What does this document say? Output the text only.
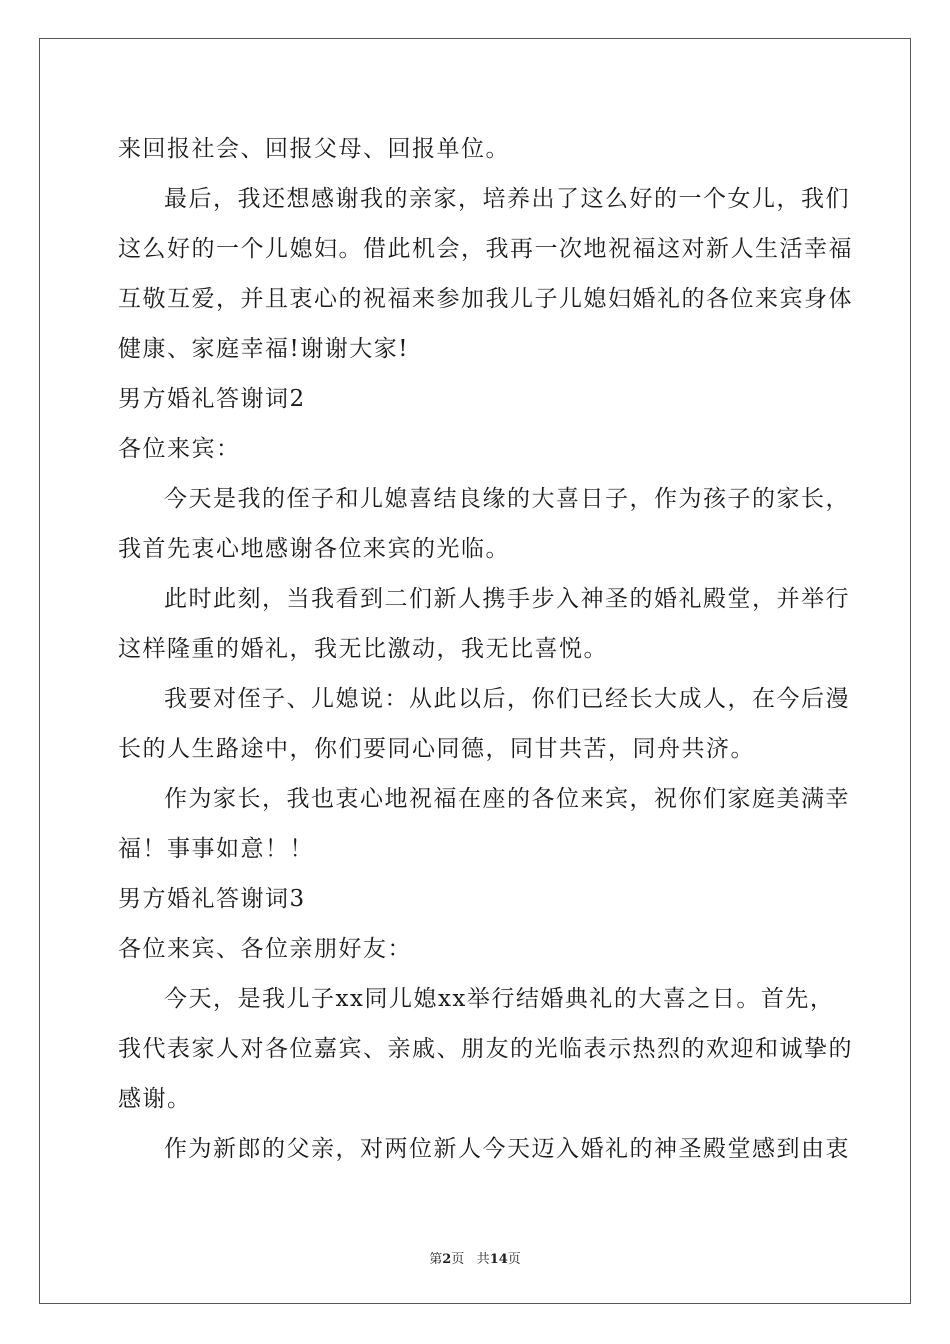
来回报社会、回报父母、回报单位。
最后，我还想感谢我的亲家，培养出了这么好的一个女儿，我们
这么好的一个儿媳妇。借此机会，我再一次地祝福这对新人生活幸福
互敬互爱，并且衷心的祝福来参加我儿子儿媳妇婚礼的各位来宾身体
健康、家庭幸福!谢谢大家!
男方婚礼答谢词2
各位来宾：
今天是我的侄子和儿媳喜结良缘的大喜日子，作为孩子的家长，
我首先衷心地感谢各位来宾的光临。
此时此刻，当我看到二们新人携手步入神圣的婚礼殿堂，并举行
这样隆重的婚礼，我无比激动，我无比喜悦。
我要对侄子、儿媳说：从此以后，你们已经长大成人，在今后漫
长的人生路途中，你们要同心同德，同甘共苦，同舟共济。
作为家长，我也衷心地祝福在座的各位来宾，祝你们家庭美满幸
福！事事如意！！
男方婚礼答谢词3
各位来宾、各位亲朋好友：
今天，是我儿子xx同儿媳xx举行结婚典礼的大喜之日。首先，
我代表家人对各位嘉宾、亲戚、朋友的光临表示热烈的欢迎和诚挚的
感谢。
作为新郎的父亲，对两位新人今天迈入婚礼的神圣殿堂感到由衷
第2页 共14页
